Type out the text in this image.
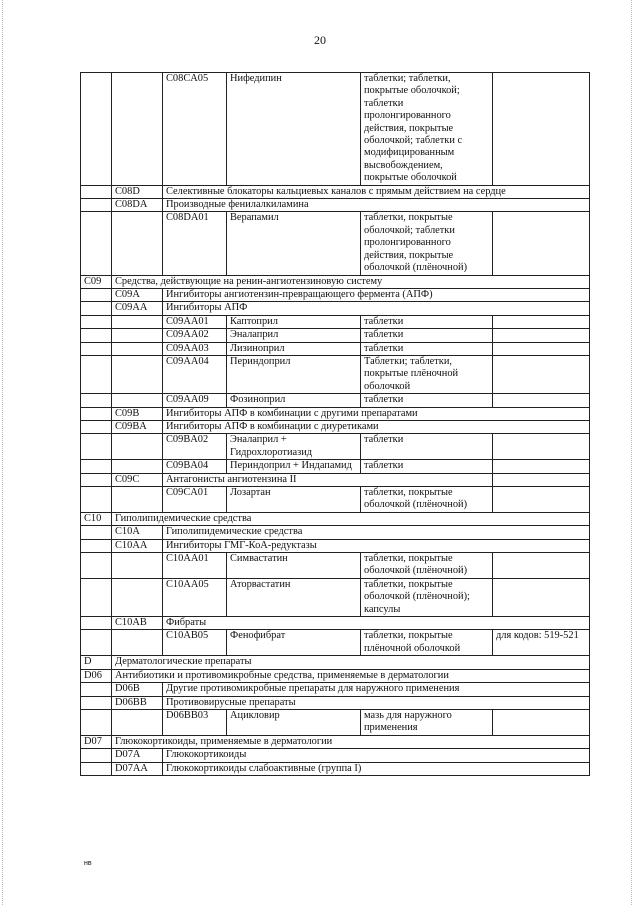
20
		C08CA05	Нифедипин	таблетки; таблетки, покрытые оболочкой; таблетки пролонгированного действия, покрытые оболочкой; таблетки с модифицированным высвобождением, покрытые оболочкой	
	C08D	Селективные блокаторы кальциевых каналов с прямым действием на сердце			
	C08DA	Производные фенилалкиламина			
		C08DA01	Верапамил	таблетки, покрытые оболочкой; таблетки пролонгированного действия, покрытые оболочкой (плёночной)	
C09	Средства, действующие на ренин-ангиотензиновую систему				
	C09A	Ингибиторы ангиотензин-превращающего фермента (АПФ)			
	C09AA	Ингибиторы АПФ			
		C09AA01	Каптоприл	таблетки	
		C09AA02	Эналаприл	таблетки	
		C09AA03	Лизиноприл	таблетки	
		C09AA04	Периндоприл	Таблетки; таблетки, покрытые плёночной оболочкой	
		C09AA09	Фозиноприл	таблетки	
	C09B	Ингибиторы АПФ в комбинации с другими препаратами			
	C09BA	Ингибиторы АПФ в комбинации с диуретиками			
		C09BA02	Эналаприл + Гидрохлоротиазид	таблетки	
		C09BA04	Периндоприл + Индапамид	таблетки	
	C09C	Антагонисты ангиотензина II			
		C09CA01	Лозартан	таблетки, покрытые оболочкой (плёночной)	
C10	Гиполипидемические средства				
	C10A	Гиполипидемические средства			
	C10AA	Ингибиторы ГМГ-КоА-редуктазы			
		C10AA01	Симвастатин	таблетки, покрытые оболочкой (плёночной)	
		C10AA05	Аторвастатин	таблетки, покрытые оболочкой (плёночной); капсулы	
	C10AB	Фибраты			
		C10AB05	Фенофибрат	таблетки, покрытые плёночной оболочкой	для кодов: 519-521
D	Дерматологические препараты				
D06	Антибиотики и противомикробные средства, применяемые в дерматологии				
	D06B	Другие противомикробные препараты для наружного применения			
	D06BB	Противовирусные препараты			
		D06BB03	Ацикловир	мазь для наружного применения	
D07	Глюкокортикоиды, применяемые в дерматологии				
	D07A	Глюкокортикоиды			
	D07AA	Глюкокортикоиды слабоактивные (группа I)			
нв
